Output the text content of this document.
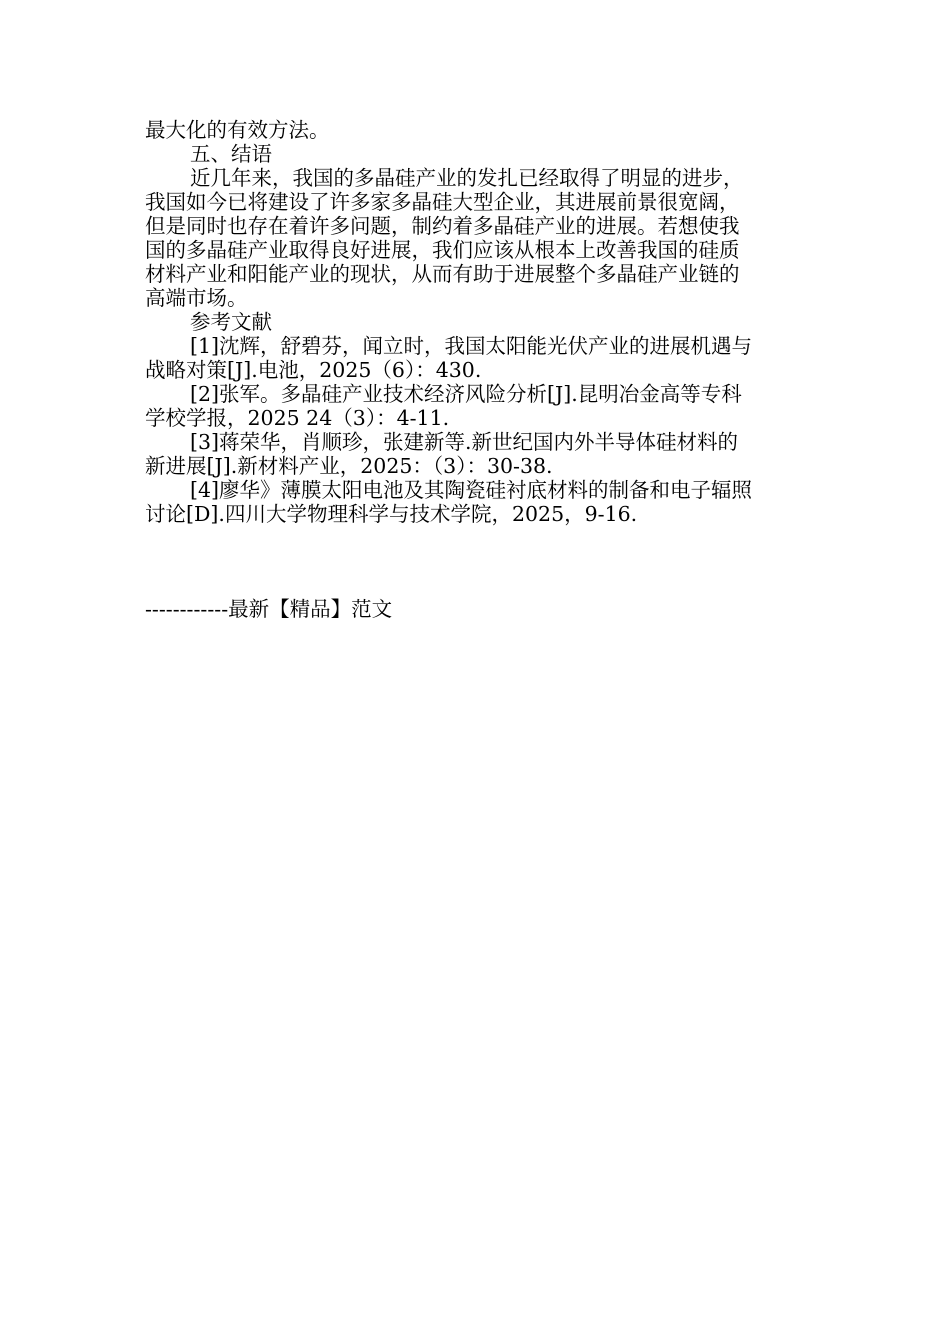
最大化的有效方法。
五、结语
近几年来，我国的多晶硅产业的发扎已经取得了明显的进步，
我国如今已将建设了许多家多晶硅大型企业，其进展前景很宽阔，
但是同时也存在着许多问题，制约着多晶硅产业的进展。若想使我
国的多晶硅产业取得良好进展，我们应该从根本上改善我国的硅质
材料产业和阳能产业的现状，从而有助于进展整个多晶硅产业链的
高端市场。
参考文献
[1]沈辉，舒碧芬，闻立时，我国太阳能光伏产业的进展机遇与
战略对策[J].电池，2025（6）：430.
[2]张军。多晶硅产业技术经济风险分析[J].昆明冶金高等专科
学校学报，2025 24（3）：4-11.
[3]蒋荣华，肖顺珍，张建新等.新世纪国内外半导体硅材料的
新进展[J].新材料产业，2025：（3）：30-38.
[4]廖华》薄膜太阳电池及其陶瓷硅衬底材料的制备和电子辐照
讨论[D].四川大学物理科学与技术学院，2025，9-16.
------------最新【精品】范文
